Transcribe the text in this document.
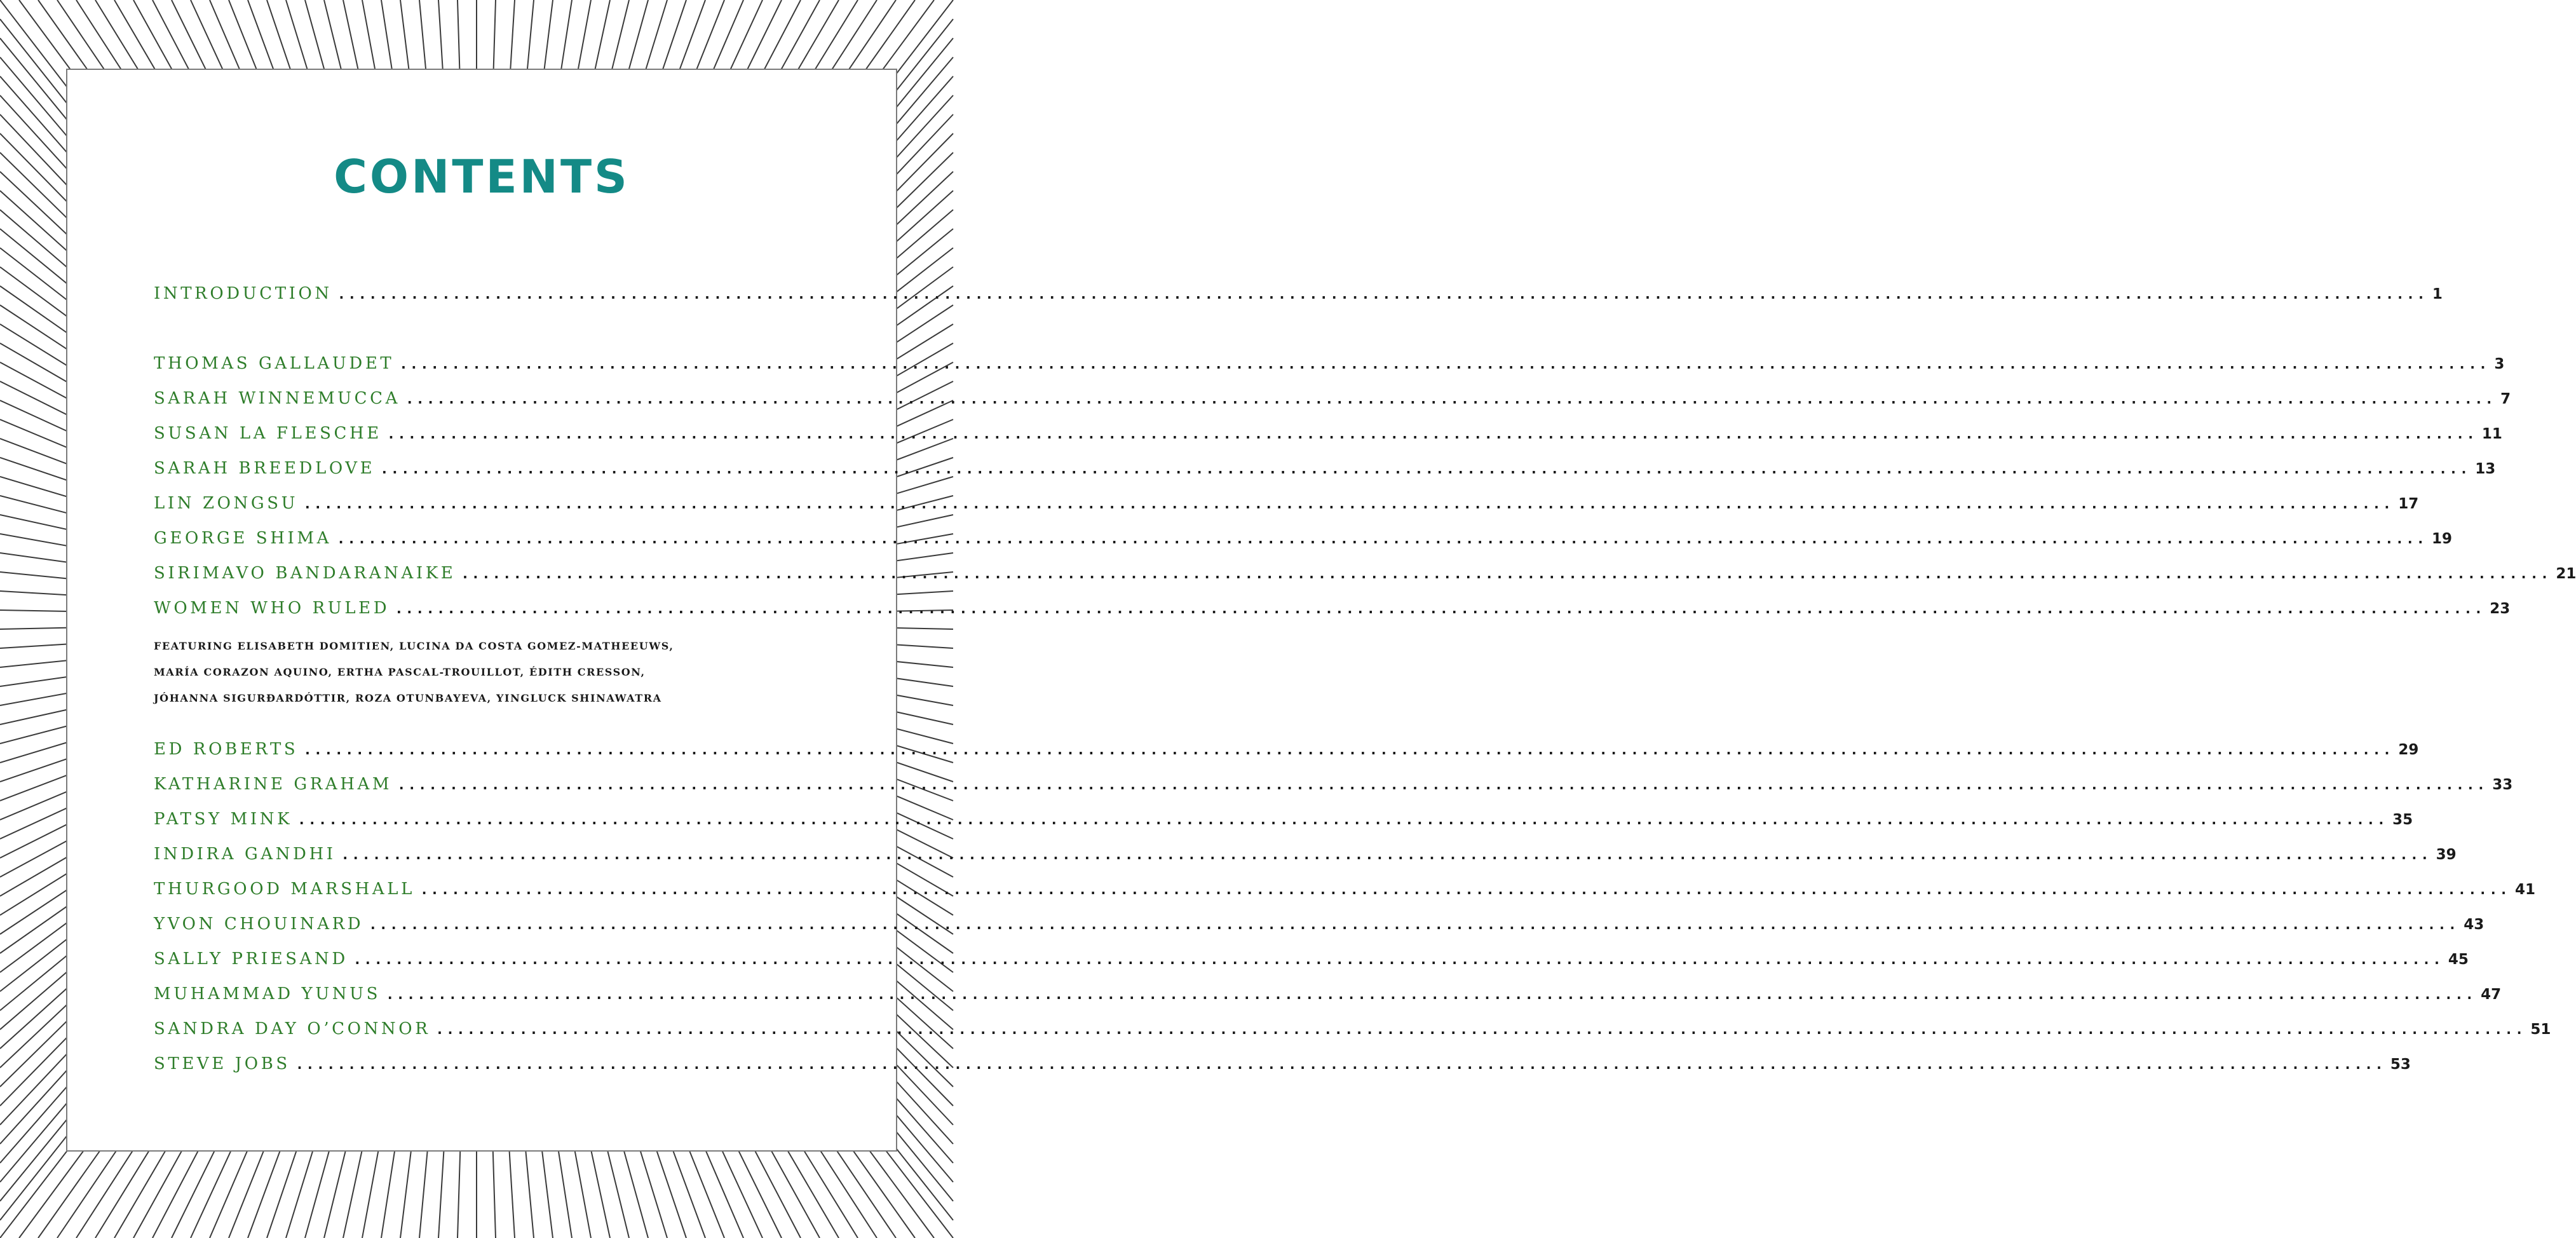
CONTENTS
INTRODUCTION ........................................................................................................................................................................................................ 1
THOMAS GALLAUDET ........................................................................................................................................................................................................ 3
SARAH WINNEMUCCA ........................................................................................................................................................................................................ 7
SUSAN LA FLESCHE ........................................................................................................................................................................................................ 11
SARAH BREEDLOVE ........................................................................................................................................................................................................ 13
LIN ZONGSU ........................................................................................................................................................................................................ 17
GEORGE SHIMA ........................................................................................................................................................................................................ 19
SIRIMAVO BANDARANAIKE ........................................................................................................................................................................................................ 21
WOMEN WHO RULED ........................................................................................................................................................................................................ 23
FEATURING ELISABETH DOMITIEN, LUCINA DA COSTA GOMEZ-MATHEEUWS,
MARÍA CORAZON AQUINO, ERTHA PASCAL-TROUILLOT, ÉDITH CRESSON,
JÓHANNA SIGURÐARDÓTTIR, ROZA OTUNBAYEVA, YINGLUCK SHINAWATRA
ED ROBERTS ........................................................................................................................................................................................................ 29
KATHARINE GRAHAM ........................................................................................................................................................................................................ 33
PATSY MINK ........................................................................................................................................................................................................ 35
INDIRA GANDHI ........................................................................................................................................................................................................ 39
THURGOOD MARSHALL ........................................................................................................................................................................................................ 41
YVON CHOUINARD ........................................................................................................................................................................................................ 43
SALLY PRIESAND ........................................................................................................................................................................................................ 45
MUHAMMAD YUNUS ........................................................................................................................................................................................................ 47
SANDRA DAY O’CONNOR ........................................................................................................................................................................................................ 51
STEVE JOBS ........................................................................................................................................................................................................ 53
